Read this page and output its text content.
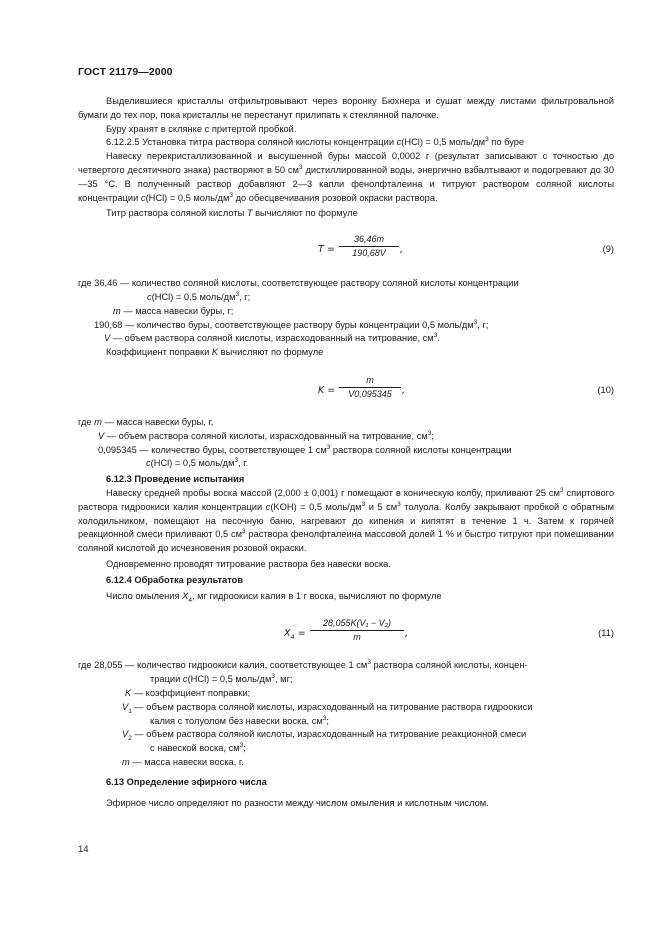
ГОСТ 21179—2000

Выделившиеся кристаллы отфильтровывают через воронку Бюхнера и сушат между листами фильтровальной бумаги до тех пор, пока кристаллы не перестанут прилипать к стеклянной палочке.

Буру хранят в склянке с притертой пробкой.

6.12.2.5 Установка титра раствора соляной кислоты концентрации c(HCl) = 0,5 моль/$дм^3$ по буре

Навеску перекристаллизованной и высушенной буры массой 0,0002 г (результат записывают с точностью до четвертого десятичного знака) растворяют в 50 $см^3$ дистиллированной воды, энергично взбалтывают и подогревают до 30—35 °С. В полученный раствор добавляют 2—3 капли фенолфталеина и титруют раствором соляной кислоты концентрации c(HCl) = 0,5 моль/$дм^3$ до обесцвечивания розовой окраски раствора.

Титр раствора соляной кислоты T вычисляют по формуле

$T = \frac{36,46m}{190,68V}$ ,	(9)

где 36,46 — количество соляной кислоты, соответствующее раствору соляной кислоты концентрации

c(HCl) = 0,5 моль/$дм^3$, г;

m — масса навески буры, г;

190,68 — количество буры, соответствующее раствору буры концентрации 0,5 моль/$дм^3$, г;

V — объем раствора соляной кислоты, израсходованный на титрование, $см^3$.

Коэффициент поправки K вычисляют по формуле

$K = \frac{m}{V0,095345}$ ,	(10)

где m — масса навески буры, г,

V — объем раствора соляной кислоты, израсходованный на титрование, $см^3$;

0,095345 — количество буры, соответствующее 1 $см^3$ раствора соляной кислоты концентрации

c(HCl) = 0,5 моль/$дм^3$, г.

6.12.3 Проведение испытания

Навеску средней пробы воска массой (2,000 ± 0,001) г помещают в коническую колбу, приливают 25 $см^3$ спиртового раствора гидроокиси калия концентрации c(KOH) = 0,5 моль/$дм^3$ и 5 $см^3$ толуола. Колбу закрывают пробкой с обратным холодильником, помещают на песочную баню, нагревают до кипения и кипятят в течение 1 ч. Затем к горячей реакционной смеси приливают 0,5 $см^3$ раствора фенолфталеина массовой долей 1 % и быстро титруют при помешивании соляной кислотой до исчезновения розовой окраски.

Одновременно проводят титрование раствора без навески воска.

6.12.4 Обработка результатов

Число омыления $X_4$, мг гидроокиси калия в 1 г воска, вычисляют по формуле

$X_4 = \frac{\text{28,055K(V₁ − V₂)}}{m}$ ,	(11)

где 28,055 — количество гидроокиси калия, соответствующее 1 $см^3$ раствора соляной кислоты, концен-

трации c(HCl) = 0,5 моль/$дм^3$, мг;

K — коэффициент поправки;

$V_1$ — объем раствора соляной кислоты, израсходованный на титрование раствора гидроокиси

калия с толуолом без навески воска, $см^3$;

$V_2$ — объем раствора соляной кислоты, израсходованный на титрование реакционной смеси

с навеской воска, $см^3$;

m — масса навески воска, г.

6.13 Определение эфирного числа

Эфирное число определяют по разности между числом омыления и кислотным числом.

14
